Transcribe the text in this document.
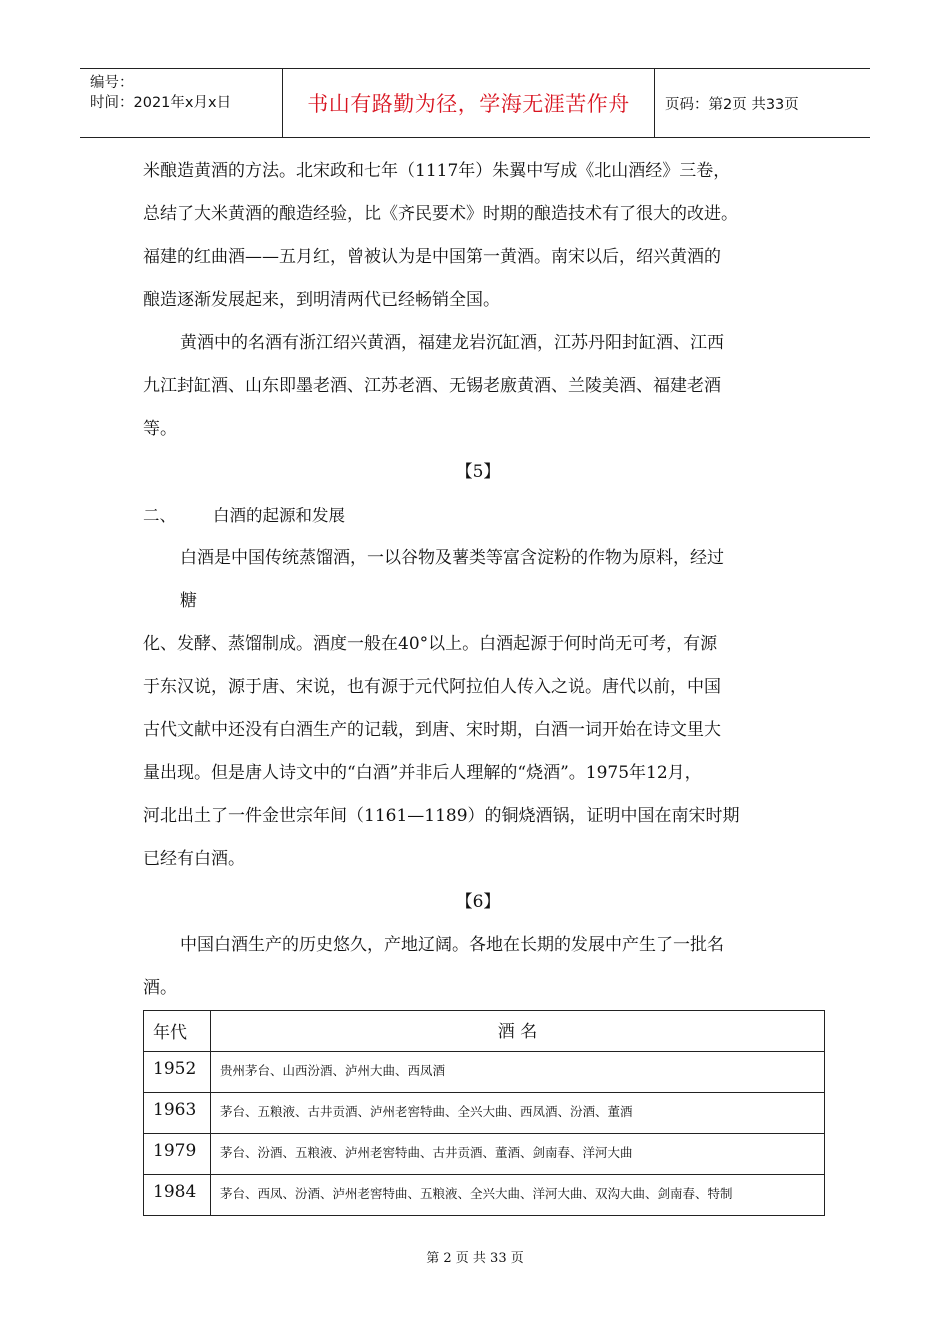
编号：
时间：2021年x月x日	书山有路勤为径，学海无涯苦作舟	页码：第2页 共33页
米酿造黄酒的方法。北宋政和七年（1117年）朱翼中写成《北山酒经》三卷，
总结了大米黄酒的酿造经验，比《齐民要术》时期的酿造技术有了很大的改进。
福建的红曲酒——五月红，曾被认为是中国第一黄酒。南宋以后，绍兴黄酒的
酿造逐渐发展起来，到明清两代已经畅销全国。
黄酒中的名酒有浙江绍兴黄酒，福建龙岩沉缸酒，江苏丹阳封缸酒、江西
九江封缸酒、山东即墨老酒、江苏老酒、无锡老廒黄酒、兰陵美酒、福建老酒
等。
【5】
二、	白酒的起源和发展
白酒是中国传统蒸馏酒，一以谷物及薯类等富含淀粉的作物为原料，经过
糖
化、发酵、蒸馏制成。酒度一般在40°以上。白酒起源于何时尚无可考，有源
于东汉说，源于唐、宋说，也有源于元代阿拉伯人传入之说。唐代以前，中国
古代文献中还没有白酒生产的记载，到唐、宋时期，白酒一词开始在诗文里大
量出现。但是唐人诗文中的“白酒”并非后人理解的“烧酒”。1975年12月，
河北出土了一件金世宗年间（1161—1189）的铜烧酒锅，证明中国在南宋时期
已经有白酒。
【6】
中国白酒生产的历史悠久，产地辽阔。各地在长期的发展中产生了一批名
酒。
年代	酒 名
1952	贵州茅台、山西汾酒、泸州大曲、西凤酒
1963	茅台、五粮液、古井贡酒、泸州老窖特曲、全兴大曲、西凤酒、汾酒、董酒
1979	茅台、汾酒、五粮液、泸州老窖特曲、古井贡酒、董酒、剑南春、洋河大曲
1984	茅台、西凤、汾酒、泸州老窖特曲、五粮液、全兴大曲、洋河大曲、双沟大曲、剑南春、特制
第 2 页 共 33 页
